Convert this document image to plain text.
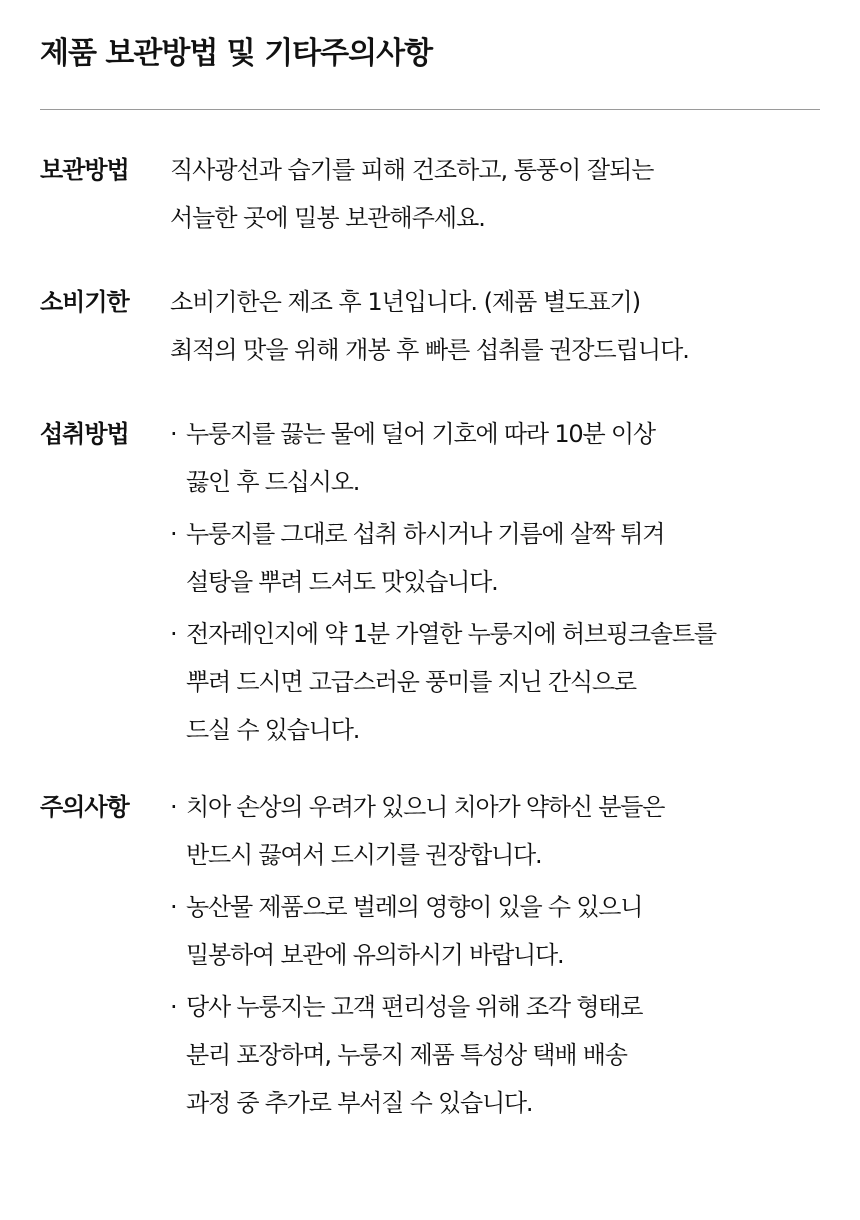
제품 보관방법 및 기타주의사항
보관방법	직사광선과 습기를 피해 건조하고, 통풍이 잘되는
서늘한 곳에 밀봉 보관해주세요.
소비기한	소비기한은 제조 후 1년입니다. (제품 별도표기)
최적의 맛을 위해 개봉 후 빠른 섭취를 권장드립니다.
섭취방법	· 누룽지를 끓는 물에 덜어 기호에 따라 10분 이상
끓인 후 드십시오.
· 누룽지를 그대로 섭취 하시거나 기름에 살짝 튀겨
설탕을 뿌려 드셔도 맛있습니다.
· 전자레인지에 약 1분 가열한 누룽지에 허브핑크솔트를
뿌려 드시면 고급스러운 풍미를 지닌 간식으로
드실 수 있습니다.
주의사항	· 치아 손상의 우려가 있으니 치아가 약하신 분들은
반드시 끓여서 드시기를 권장합니다.
· 농산물 제품으로 벌레의 영향이 있을 수 있으니
밀봉하여 보관에 유의하시기 바랍니다.
· 당사 누룽지는 고객 편리성을 위해 조각 형태로
분리 포장하며, 누룽지 제품 특성상 택배 배송
과정 중 추가로 부서질 수 있습니다.
